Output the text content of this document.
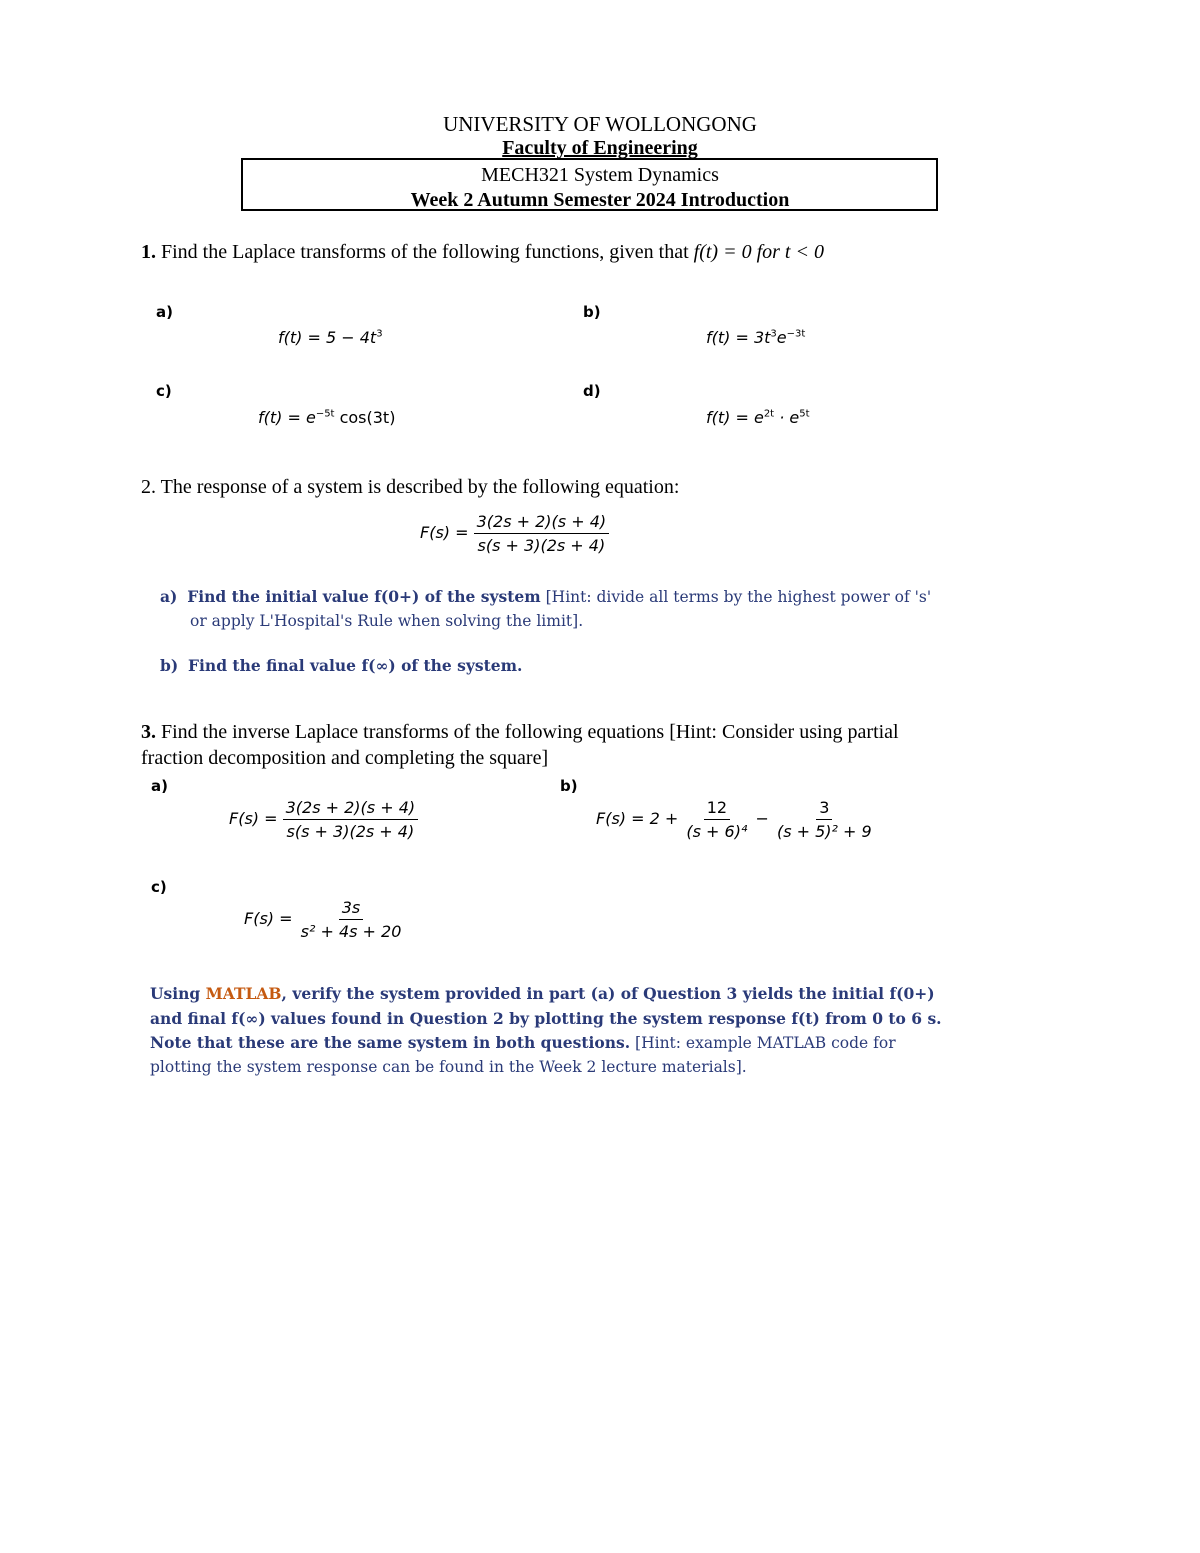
UNIVERSITY OF WOLLONGONG
Faculty of Engineering
MECH321 System Dynamics
Week 2 Autumn Semester 2024 Introduction
1. Find the Laplace transforms of the following functions, given that f(t) = 0 for t < 0
a)
$f(t) = 5 - 4t^3$
b)
$f(t) = 3t^3e^{-3t}$
c)
$f(t) = e^{-5t}$ cos(3t)
d)
$f(t) = e^{2t} \cdot e^{5t}$
2. The response of a system is described by the following equation:
$F(s) = \frac{3(2s + 2)(s + 4)}{s(s + 3)(2s + 4)}$
a) Find the initial value f(0+) of the system [Hint: divide all terms by the highest power of 's'
or apply L'Hospital's Rule when solving the limit].
b) Find the final value f(∞) of the system.
3. Find the inverse Laplace transforms of the following equations [Hint: Consider using partial
fraction decomposition and completing the square]
a)
$F(s) = \frac{3(2s + 2)(s + 4)}{s(s + 3)(2s + 4)}$
b)
$F(s) = 2 + \frac{12}{\text{(s + 6)⁴}} - \frac{3}{\text{(s + 5)² + 9}}$
c)
$F(s) = \frac{3s}{\text{s² + 4s + 20}}$
Using MATLAB, verify the system provided in part (a) of Question 3 yields the initial f(0+)
and final f(∞) values found in Question 2 by plotting the system response f(t) from 0 to 6 s.
Note that these are the same system in both questions. [Hint: example MATLAB code for
plotting the system response can be found in the Week 2 lecture materials].
